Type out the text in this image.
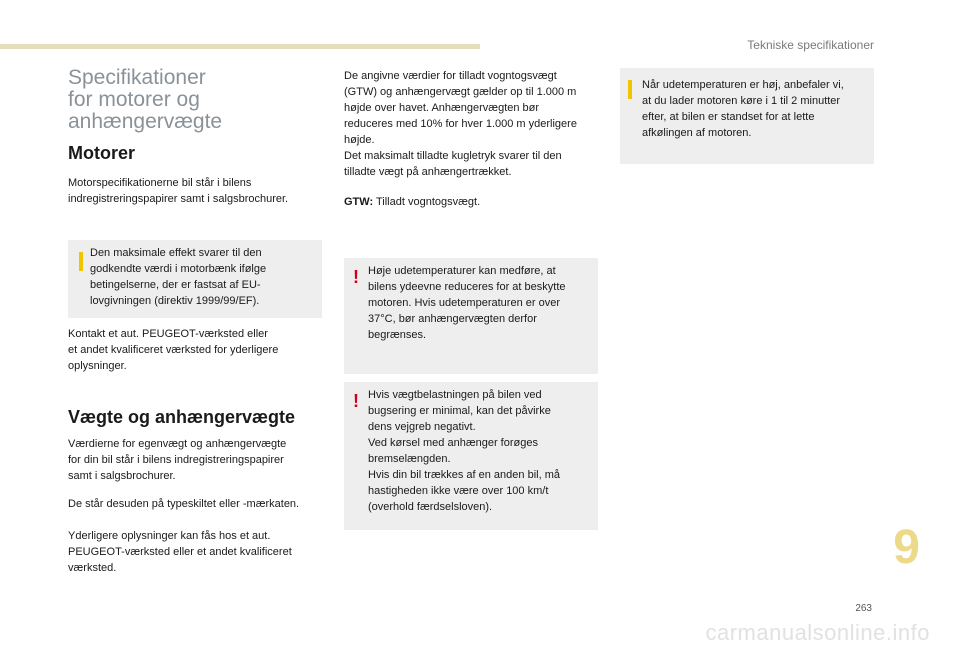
Tekniske specifikationer
Specifikationer
for motorer og
anhængervægte
Motorer
Motorspecifikationerne bil står i bilens
indregistreringspapirer samt i salgsbrochurer.
Den maksimale effekt svarer til den
godkendte værdi i motorbænk ifølge
betingelserne, der er fastsat af EU-
lovgivningen (direktiv 1999/99/EF).
Kontakt et aut. PEUGEOT-værksted eller
et andet kvalificeret værksted for yderligere
oplysninger.
Vægte og anhængervægte
Værdierne for egenvægt og anhængervægte
for din bil står i bilens indregistreringspapirer
samt i salgsbrochurer.
De står desuden på typeskiltet eller -mærkaten.
Yderligere oplysninger kan fås hos et aut.
PEUGEOT-værksted eller et andet kvalificeret
værksted.
De angivne værdier for tilladt vogntogsvægt
(GTW) og anhængervægt gælder op til 1.000 m
højde over havet. Anhængervægten bør
reduceres med 10% for hver 1.000 m yderligere
højde.
Det maksimalt tilladte kugletryk svarer til den
tilladte vægt på anhængertrækket.
GTW: Tilladt vogntogsvægt.
! Høje udetemperaturer kan medføre, at
bilens ydeevne reduceres for at beskytte
motoren. Hvis udetemperaturen er over
37°C, bør anhængervægten derfor
begrænses.
! Hvis vægtbelastningen på bilen ved
bugsering er minimal, kan det påvirke
dens vejgreb negativt.
Ved kørsel med anhænger forøges
bremselængden.
Hvis din bil trækkes af en anden bil, må
hastigheden ikke være over 100 km/t
(overhold færdselsloven).
Når udetemperaturen er høj, anbefaler vi,
at du lader motoren køre i 1 til 2 minutter
efter, at bilen er standset for at lette
afkølingen af motoren.
9
263
carmanualsonline.info
